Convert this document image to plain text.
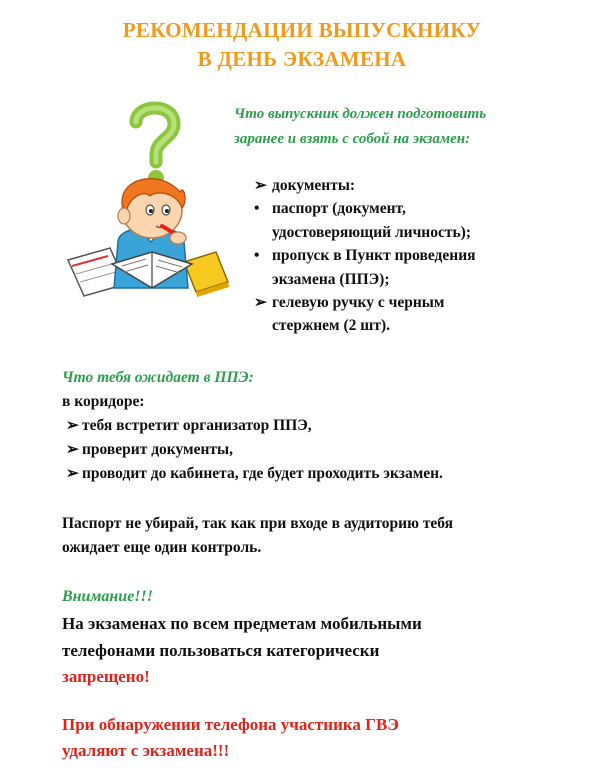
РЕКОМЕНДАЦИИ ВЫПУСКНИКУ
В ДЕНЬ ЭКЗАМЕНА
Что выпускник должен подготовить
заранее и взять с собой на экзамен:
➢ документы:
• паспорт (документ,
удостоверяющий личность);
• пропуск в Пункт проведения
экзамена (ППЭ);
➢ гелевую ручку с черным
стержнем (2 шт).
Что тебя ожидает в ППЭ:
в коридоре:
➢ тебя встретит организатор ППЭ,
➢ проверит документы,
➢ проводит до кабинета, где будет проходить экзамен.
Паспорт не убирай, так как при входе в аудиторию тебя
ожидает еще один контроль.
Внимание!!!
На экзаменах по всем предметам мобильными
телефонами пользоваться категорически
запрещено!
При обнаружении телефона участника ГВЭ
удаляют с экзамена!!!
